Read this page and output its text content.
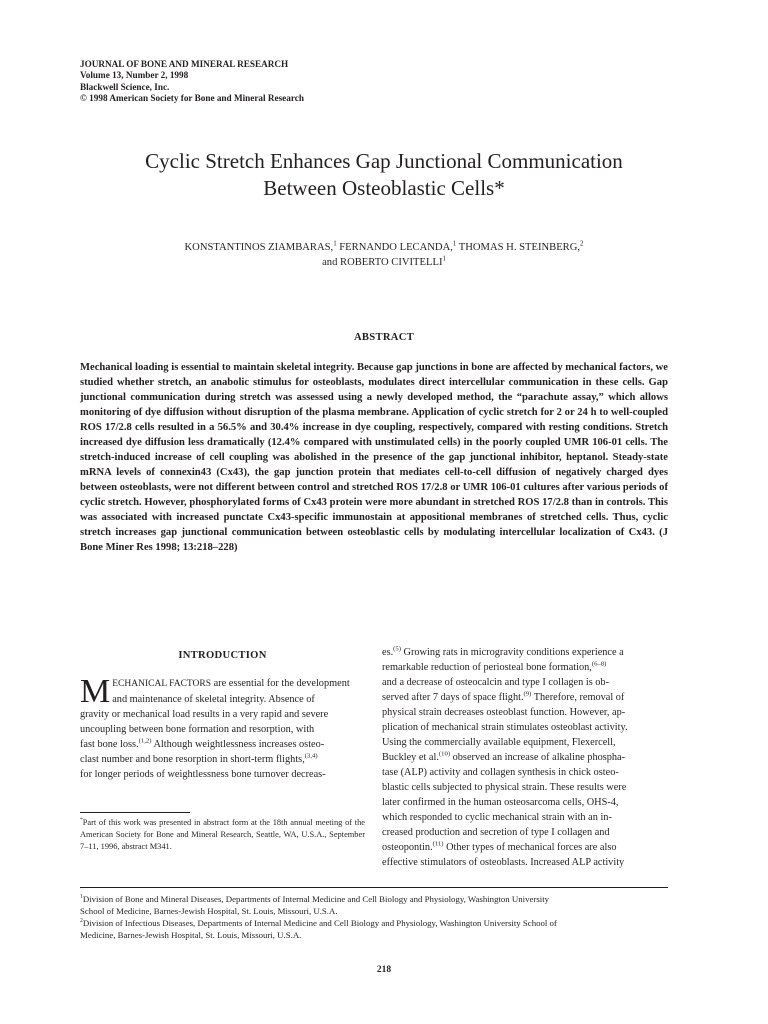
JOURNAL OF BONE AND MINERAL RESEARCH
Volume 13, Number 2, 1998
Blackwell Science, Inc.
© 1998 American Society for Bone and Mineral Research
Cyclic Stretch Enhances Gap Junctional Communication
Between Osteoblastic Cells*
KONSTANTINOS ZIAMBARAS,$^1$ FERNANDO LECANDA,$^1$ THOMAS H. STEINBERG,$^2$
and ROBERTO CIVITELLI$^1$
ABSTRACT
Mechanical loading is essential to maintain skeletal integrity. Because gap junctions in bone are affected by mechanical factors, we studied whether stretch, an anabolic stimulus for osteoblasts, modulates direct intercellular communication in these cells. Gap junctional communication during stretch was assessed using a newly developed method, the “parachute assay,” which allows monitoring of dye diffusion without disruption of the plasma membrane. Application of cyclic stretch for 2 or 24 h to well-coupled ROS 17/2.8 cells resulted in a 56.5% and 30.4% increase in dye coupling, respectively, compared with resting conditions. Stretch increased dye diffusion less dramatically (12.4% compared with unstimulated cells) in the poorly coupled UMR 106-01 cells. The stretch-induced increase of cell coupling was abolished in the presence of the gap junctional inhibitor, heptanol. Steady-state mRNA levels of connexin43 (Cx43), the gap junction protein that mediates cell-to-cell diffusion of negatively charged dyes between osteoblasts, were not different between control and stretched ROS 17/2.8 or UMR 106-01 cultures after various periods of cyclic stretch. However, phosphorylated forms of Cx43 protein were more abundant in stretched ROS 17/2.8 than in controls. This was associated with increased punctate Cx43-specific immunostain at appositional membranes of stretched cells. Thus, cyclic stretch increases gap junctional communication between osteoblastic cells by modulating intercellular localization of Cx43. (J Bone Miner Res 1998; 13:218–228)
INTRODUCTION
M ECHANICAL FACTORS are essential for the development
and maintenance of skeletal integrity. Absence of
gravity or mechanical load results in a very rapid and severe
uncoupling between bone formation and resorption, with
fast bone loss.$^{(1,2)}$ Although weightlessness increases osteo-
clast number and bone resorption in short-term flights,$^{(3,4)}$
for longer periods of weightlessness bone turnover decreas-
*Part of this work was presented in abstract form at the 18th annual meeting of the American Society for Bone and Mineral Research, Seattle, WA, U.S.A., September 7–11, 1996, abstract M341.
es.$^{(5)}$ Growing rats in microgravity conditions experience a
remarkable reduction of periosteal bone formation,$^{(6-8)}$
and a decrease of osteocalcin and type I collagen is ob-
served after 7 days of space flight.$^{(9)}$ Therefore, removal of
physical strain decreases osteoblast function. However, ap-
plication of mechanical strain stimulates osteoblast activity.
Using the commercially available equipment, Flexercell,
Buckley et al.$^{(10)}$ observed an increase of alkaline phospha-
tase (ALP) activity and collagen synthesis in chick osteo-
blastic cells subjected to physical strain. These results were
later confirmed in the human osteosarcoma cells, OHS-4,
which responded to cyclic mechanical strain with an in-
creased production and secretion of type I collagen and
osteopontin.$^{(11)}$ Other types of mechanical forces are also
effective stimulators of osteoblasts. Increased ALP activity
$^1$Division of Bone and Mineral Diseases, Departments of Internal Medicine and Cell Biology and Physiology, Washington University
School of Medicine, Barnes-Jewish Hospital, St. Louis, Missouri, U.S.A.
$^2$Division of Infectious Diseases, Departments of Internal Medicine and Cell Biology and Physiology, Washington University School of
Medicine, Barnes-Jewish Hospital, St. Louis, Missouri, U.S.A.
218
